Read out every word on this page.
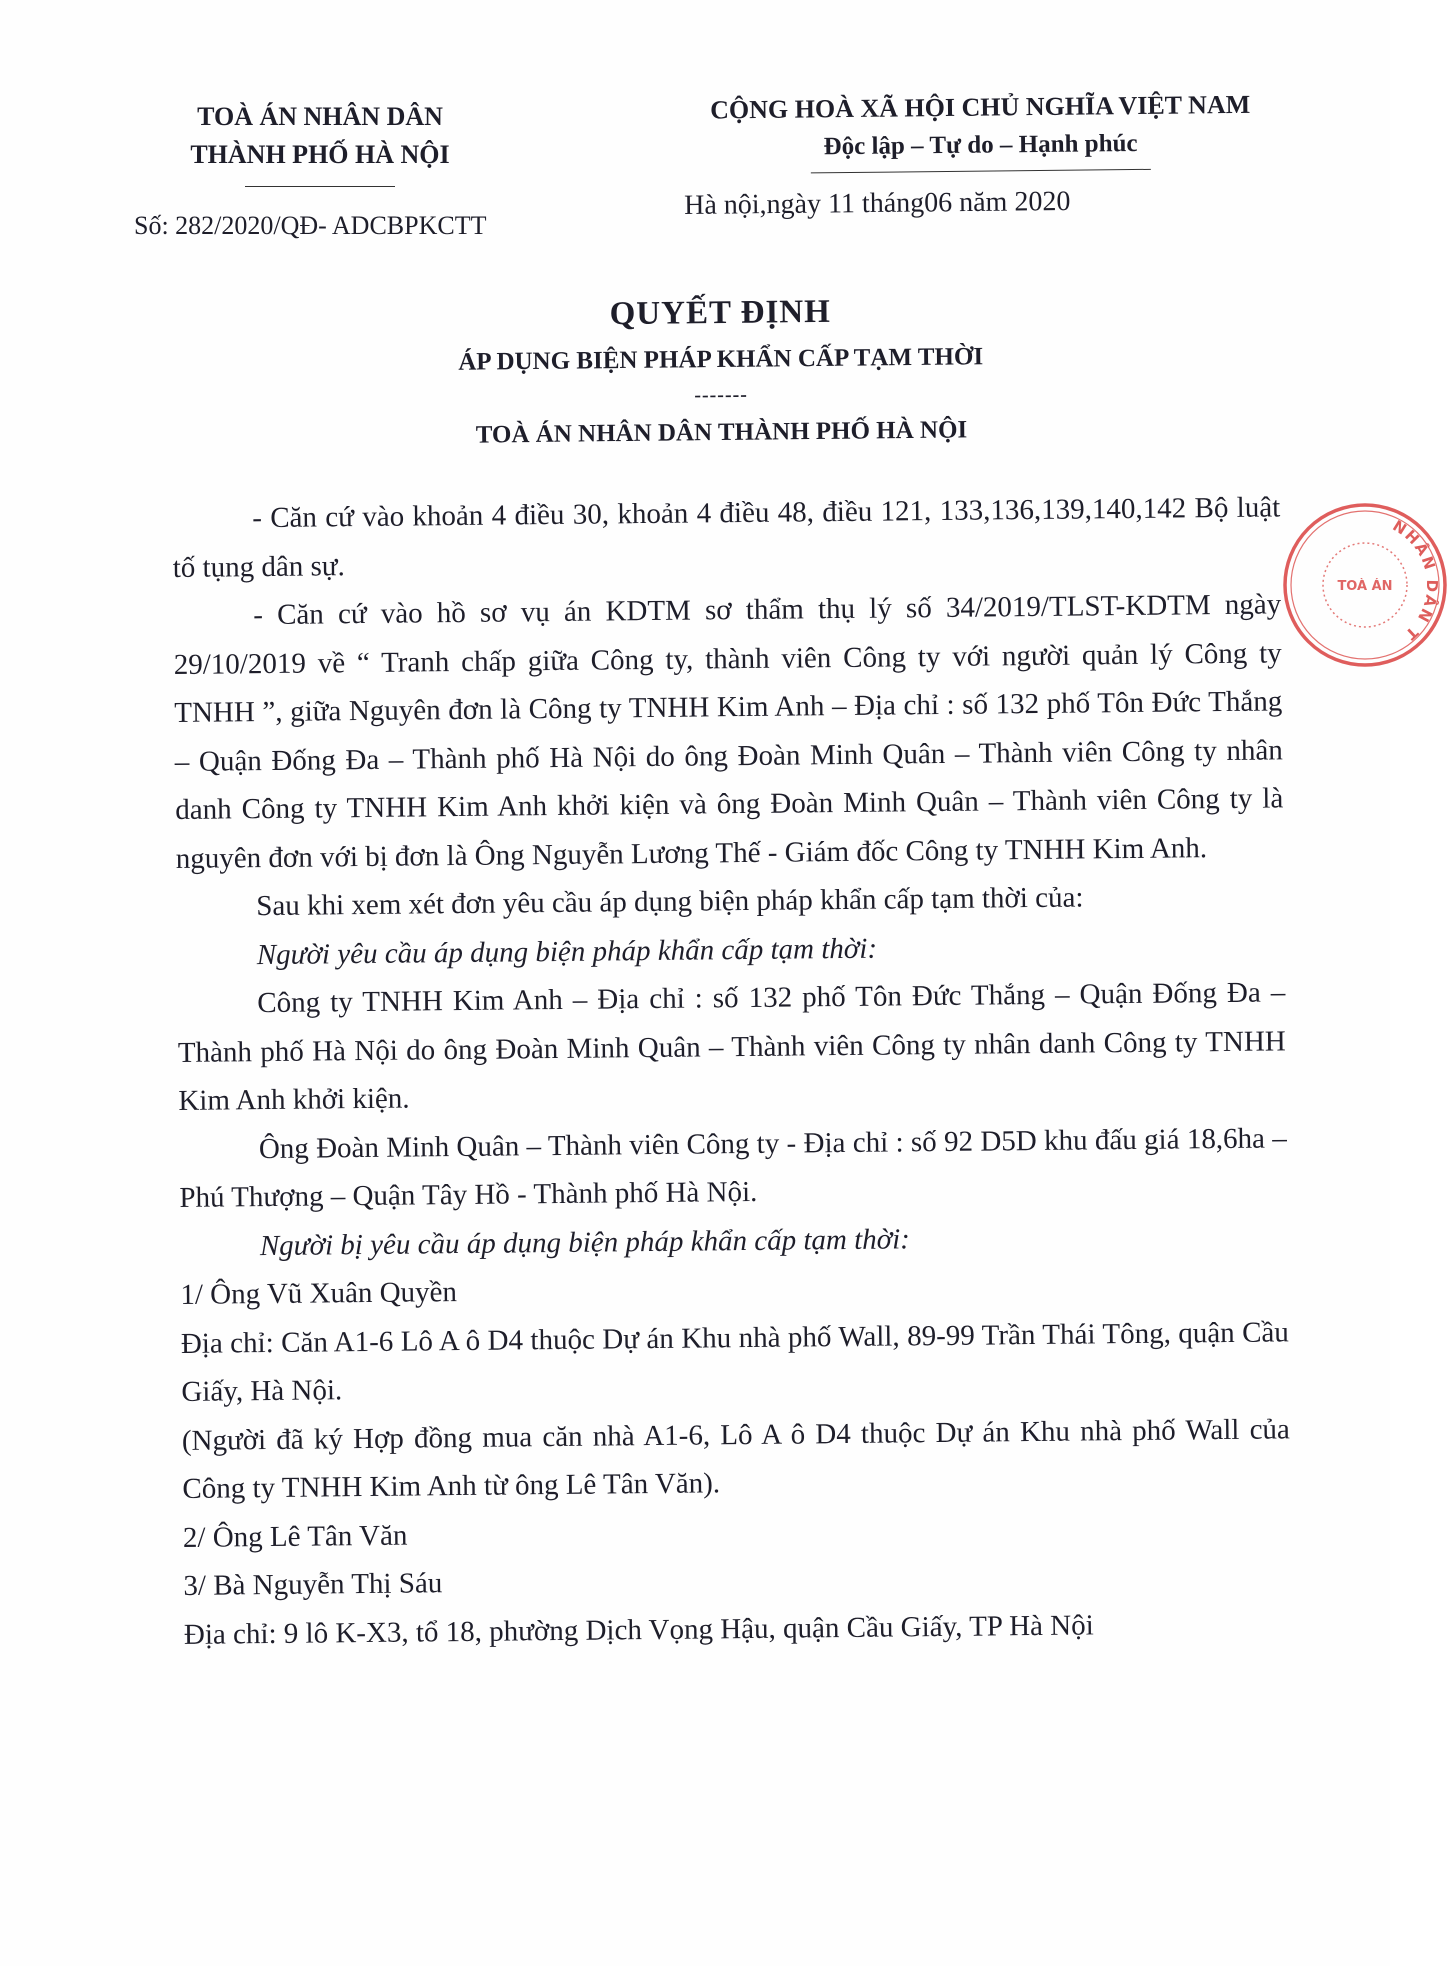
TOÀ ÁN NHÂN DÂN
THÀNH PHỐ HÀ NỘI
Số: 282/2020/QĐ- ADCBPKCTT
CỘNG HOÀ XÃ HỘI CHỦ NGHĨA VIỆT NAM
Độc lập – Tự do – Hạnh phúc
Hà nội,ngày 11 tháng06 năm 2020
QUYẾT ĐỊNH
ÁP DỤNG BIỆN PHÁP KHẨN CẤP TẠM THỜI
-------
TOÀ ÁN NHÂN DÂN THÀNH PHỐ HÀ NỘI

- Căn cứ vào khoản 4 điều 30, khoản 4 điều 48, điều 121, 133,136,139,140,142 Bộ luật tố tụng dân sự.

- Căn cứ vào hồ sơ vụ án KDTM sơ thẩm thụ lý số 34/2019/TLST-KDTM ngày 29/10/2019 về “ Tranh chấp giữa Công ty, thành viên Công ty với người quản lý Công ty TNHH ”, giữa Nguyên đơn là Công ty TNHH Kim Anh – Địa chỉ : số 132 phố Tôn Đức Thắng – Quận Đống Đa – Thành phố Hà Nội do ông Đoàn Minh Quân – Thành viên Công ty nhân danh Công ty TNHH Kim Anh khởi kiện và ông Đoàn Minh Quân – Thành viên Công ty là nguyên đơn với bị đơn là Ông Nguyễn Lương Thế - Giám đốc Công ty TNHH Kim Anh.

Sau khi xem xét đơn yêu cầu áp dụng biện pháp khẩn cấp tạm thời của:

Người yêu cầu áp dụng biện pháp khẩn cấp tạm thời:

Công ty TNHH Kim Anh – Địa chỉ : số 132 phố Tôn Đức Thắng – Quận Đống Đa – Thành phố Hà Nội do ông Đoàn Minh Quân – Thành viên Công ty nhân danh Công ty TNHH Kim Anh khởi kiện.

Ông Đoàn Minh Quân – Thành viên Công ty - Địa chỉ : số 92 D5D khu đấu giá 18,6ha – Phú Thượng – Quận Tây Hồ - Thành phố Hà Nội.

Người bị yêu cầu áp dụng biện pháp khẩn cấp tạm thời:

1/ Ông Vũ Xuân Quyền

Địa chỉ: Căn A1-6 Lô A ô D4 thuộc Dự án Khu nhà phố Wall, 89-99 Trần Thái Tông, quận Cầu Giấy, Hà Nội.

(Người đã ký Hợp đồng mua căn nhà A1-6, Lô A ô D4 thuộc Dự án Khu nhà phố Wall của Công ty TNHH Kim Anh từ ông Lê Tân Văn).

2/ Ông Lê Tân Văn

3/ Bà Nguyễn Thị Sáu

Địa chỉ: 9 lô K-X3, tổ 18, phường Dịch Vọng Hậu, quận Cầu Giấy, TP Hà Nội

NHÂN DÂN T
TOÀ ÁN
